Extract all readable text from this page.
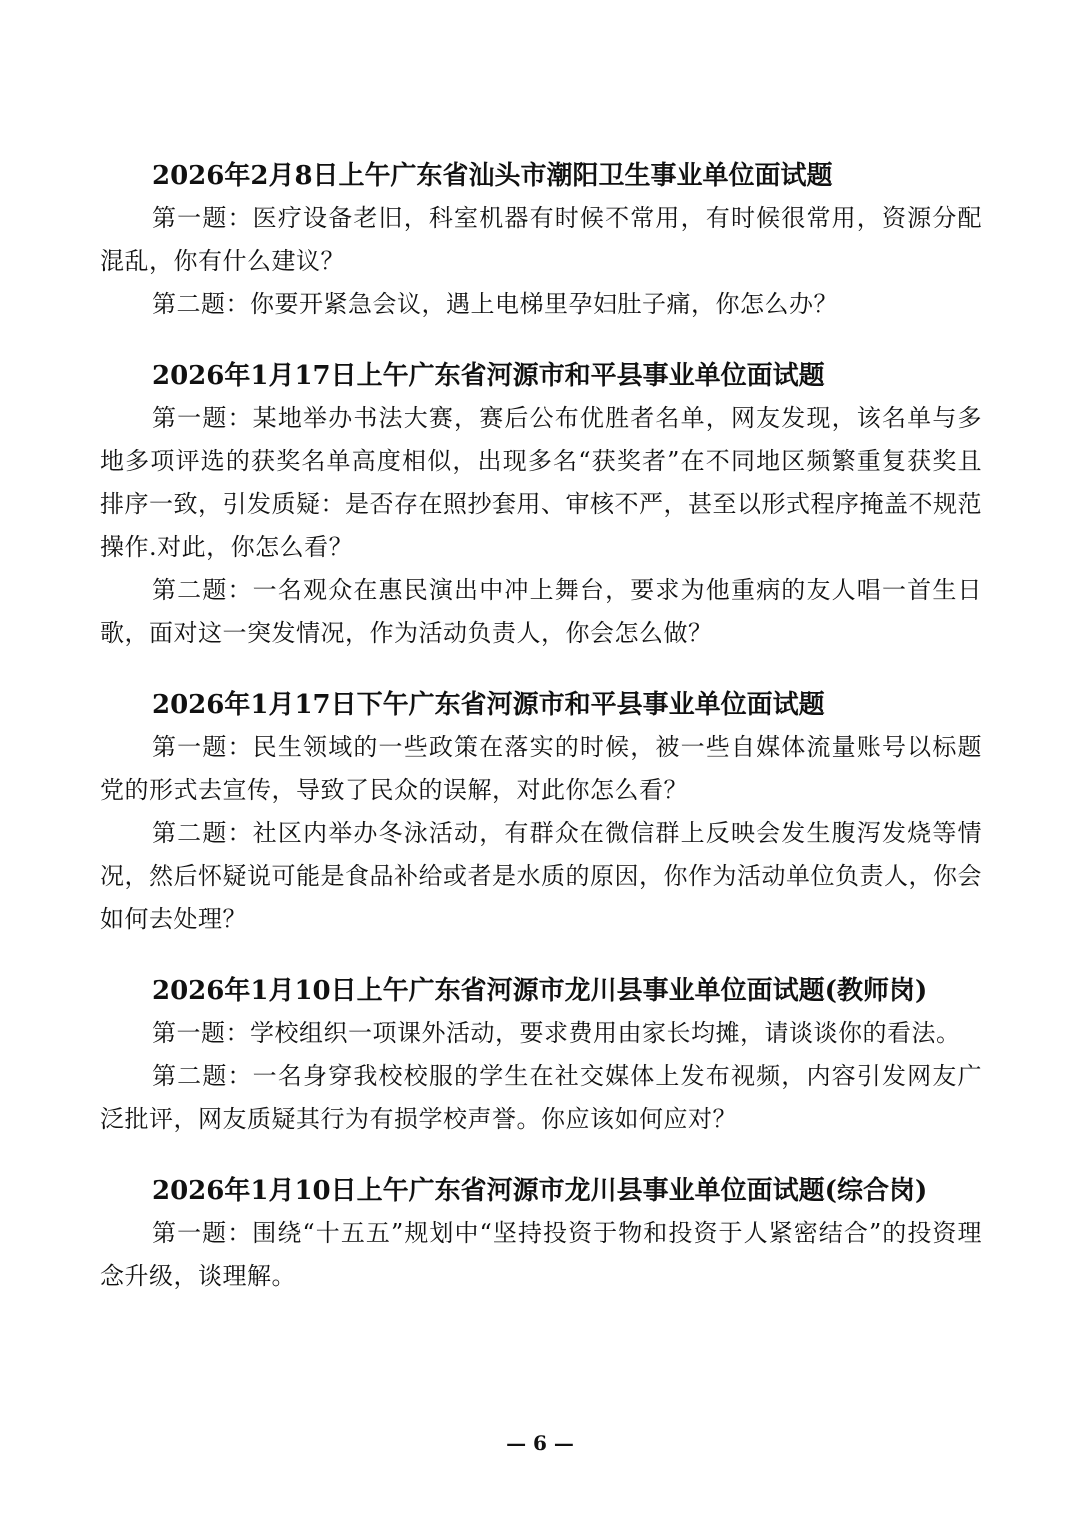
2026年2月8日上午广东省汕头市潮阳卫生事业单位面试题

第一题：医疗设备老旧，科室机器有时候不常用，有时候很常用，资源分配混乱，你有什么建议？

第二题：你要开紧急会议，遇上电梯里孕妇肚子痛，你怎么办？

2026年1月17日上午广东省河源市和平县事业单位面试题

第一题：某地举办书法大赛，赛后公布优胜者名单，网友发现，该名单与多地多项评选的获奖名单高度相似，出现多名“获奖者”在不同地区频繁重复获奖且排序一致，引发质疑：是否存在照抄套用、审核不严，甚至以形式程序掩盖不规范操作.对此，你怎么看？

第二题：一名观众在惠民演出中冲上舞台，要求为他重病的友人唱一首生日歌，面对这一突发情况，作为活动负责人，你会怎么做？

2026年1月17日下午广东省河源市和平县事业单位面试题

第一题：民生领域的一些政策在落实的时候，被一些自媒体流量账号以标题党的形式去宣传，导致了民众的误解，对此你怎么看？

第二题：社区内举办冬泳活动，有群众在微信群上反映会发生腹泻发烧等情况，然后怀疑说可能是食品补给或者是水质的原因，你作为活动单位负责人，你会如何去处理？

2026年1月10日上午广东省河源市龙川县事业单位面试题(教师岗)

第一题：学校组织一项课外活动，要求费用由家长均摊，请谈谈你的看法。

第二题：一名身穿我校校服的学生在社交媒体上发布视频，内容引发网友广泛批评，网友质疑其行为有损学校声誉。你应该如何应对？

2026年1月10日上午广东省河源市龙川县事业单位面试题(综合岗)

第一题：围绕“十五五”规划中“坚持投资于物和投资于人紧密结合”的投资理念升级，谈理解。

— 6 —
